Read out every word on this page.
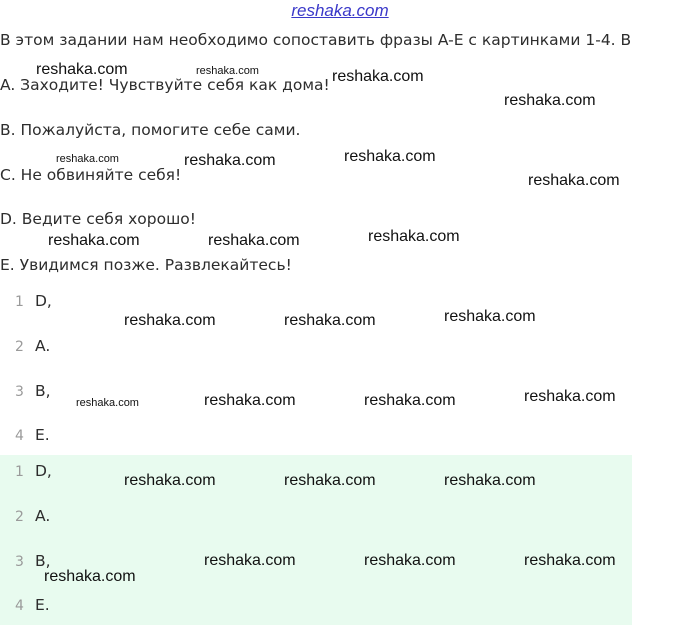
reshaka.com
В этом задании нам необходимо сопоставить фразы A-E с картинками 1-4. В
A. Заходите! Чувствуйте себя как дома!
B. Пожалуйста, помогите себе сами.
C. Не обвиняйте себя!
D. Ведите себя хорошо!
E. Увидимся позже. Развлекайтесь!
1 D,
2 A.
3 B,
4 E.
1 D,
2 A.
3 B,
4 E.
reshaka.com	reshaka.com	reshaka.com
reshaka.com
reshaka.com	reshaka.com	reshaka.com
reshaka.com
reshaka.com	reshaka.com	reshaka.com
reshaka.com	reshaka.com	reshaka.com
reshaka.com	reshaka.com	reshaka.com	reshaka.com
reshaka.com	reshaka.com	reshaka.com
reshaka.com	reshaka.com	reshaka.com
reshaka.com
